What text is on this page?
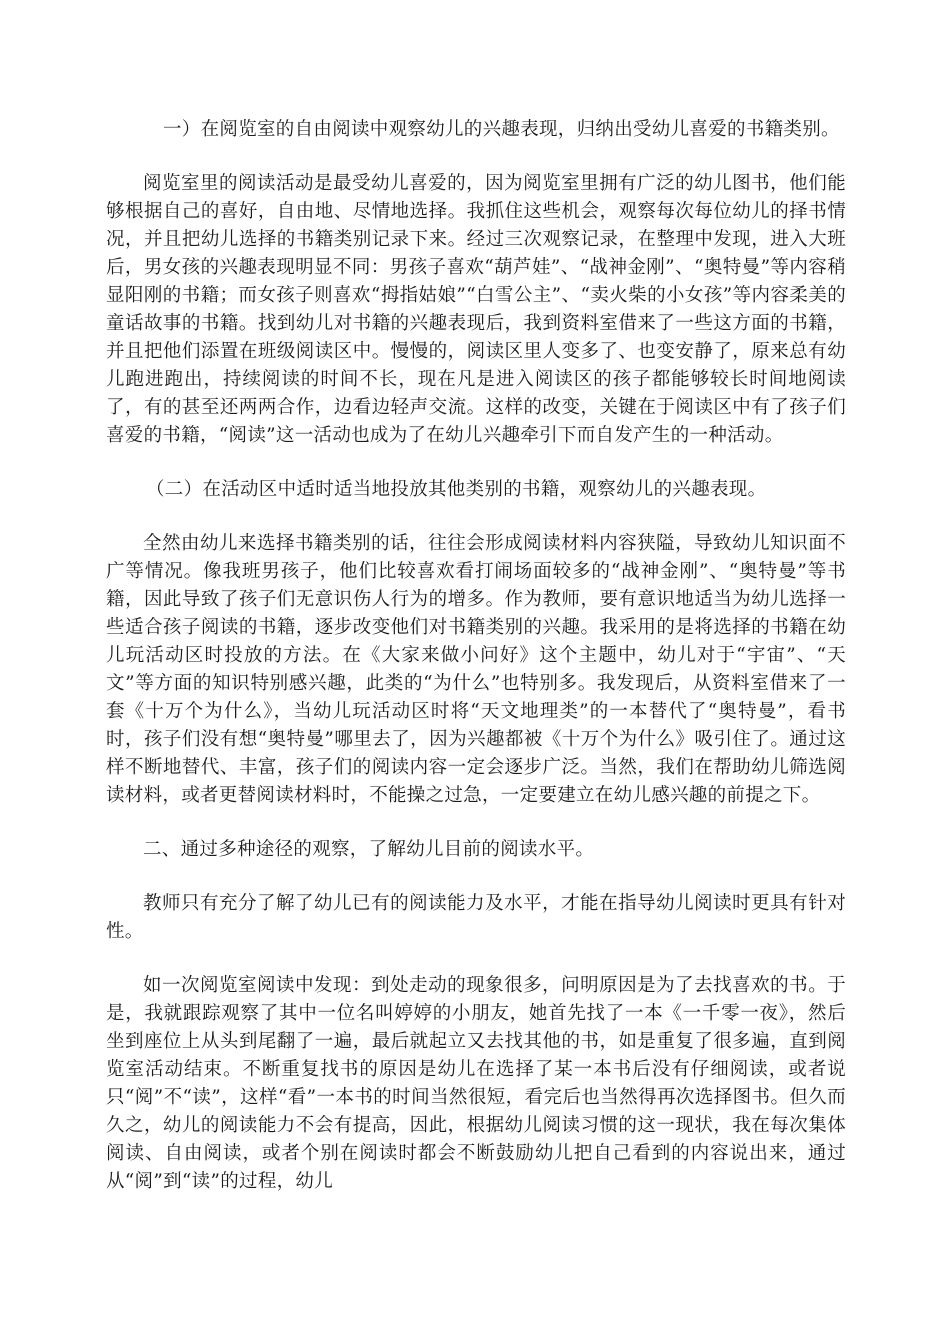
一）在阅览室的自由阅读中观察幼儿的兴趣表现，归纳出受幼儿喜爱的书籍类别。

阅览室里的阅读活动是最受幼儿喜爱的，因为阅览室里拥有广泛的幼儿图书，他们能够根据自己的喜好，自由地、尽情地选择。我抓住这些机会，观察每次每位幼儿的择书情况，并且把幼儿选择的书籍类别记录下来。经过三次观察记录，在整理中发现，进入大班后，男女孩的兴趣表现明显不同：男孩子喜欢“葫芦娃”、“战神金刚”、“奥特曼”等内容稍显阳刚的书籍；而女孩子则喜欢“拇指姑娘”“白雪公主”、“卖火柴的小女孩”等内容柔美的童话故事的书籍。找到幼儿对书籍的兴趣表现后，我到资料室借来了一些这方面的书籍，并且把他们添置在班级阅读区中。慢慢的，阅读区里人变多了、也变安静了，原来总有幼儿跑进跑出，持续阅读的时间不长，现在凡是进入阅读区的孩子都能够较长时间地阅读了，有的甚至还两两合作，边看边轻声交流。这样的改变，关键在于阅读区中有了孩子们喜爱的书籍，“阅读”这一活动也成为了在幼儿兴趣牵引下而自发产生的一种活动。

（二）在活动区中适时适当地投放其他类别的书籍，观察幼儿的兴趣表现。

全然由幼儿来选择书籍类别的话，往往会形成阅读材料内容狭隘，导致幼儿知识面不广等情况。像我班男孩子，他们比较喜欢看打闹场面较多的“战神金刚”、“奥特曼”等书籍，因此导致了孩子们无意识伤人行为的增多。作为教师，要有意识地适当为幼儿选择一些适合孩子阅读的书籍，逐步改变他们对书籍类别的兴趣。我采用的是将选择的书籍在幼儿玩活动区时投放的方法。在《大家来做小问好》这个主题中，幼儿对于“宇宙”、“天文”等方面的知识特别感兴趣，此类的“为什么”也特别多。我发现后，从资料室借来了一套《十万个为什么》，当幼儿玩活动区时将“天文地理类”的一本替代了“奥特曼”，看书时，孩子们没有想“奥特曼”哪里去了，因为兴趣都被《十万个为什么》吸引住了。通过这样不断地替代、丰富，孩子们的阅读内容一定会逐步广泛。当然，我们在帮助幼儿筛选阅读材料，或者更替阅读材料时，不能操之过急，一定要建立在幼儿感兴趣的前提之下。

二、通过多种途径的观察，了解幼儿目前的阅读水平。

教师只有充分了解了幼儿已有的阅读能力及水平，才能在指导幼儿阅读时更具有针对性。

如一次阅览室阅读中发现：到处走动的现象很多，问明原因是为了去找喜欢的书。于是，我就跟踪观察了其中一位名叫婷婷的小朋友，她首先找了一本《一千零一夜》，然后坐到座位上从头到尾翻了一遍，最后就起立又去找其他的书，如是重复了很多遍，直到阅览室活动结束。不断重复找书的原因是幼儿在选择了某一本书后没有仔细阅读，或者说只“阅”不“读”，这样“看”一本书的时间当然很短，看完后也当然得再次选择图书。但久而久之，幼儿的阅读能力不会有提高，因此，根据幼儿阅读习惯的这一现状，我在每次集体阅读、自由阅读，或者个别在阅读时都会不断鼓励幼儿把自己看到的内容说出来，通过从“阅”到“读”的过程，幼儿
